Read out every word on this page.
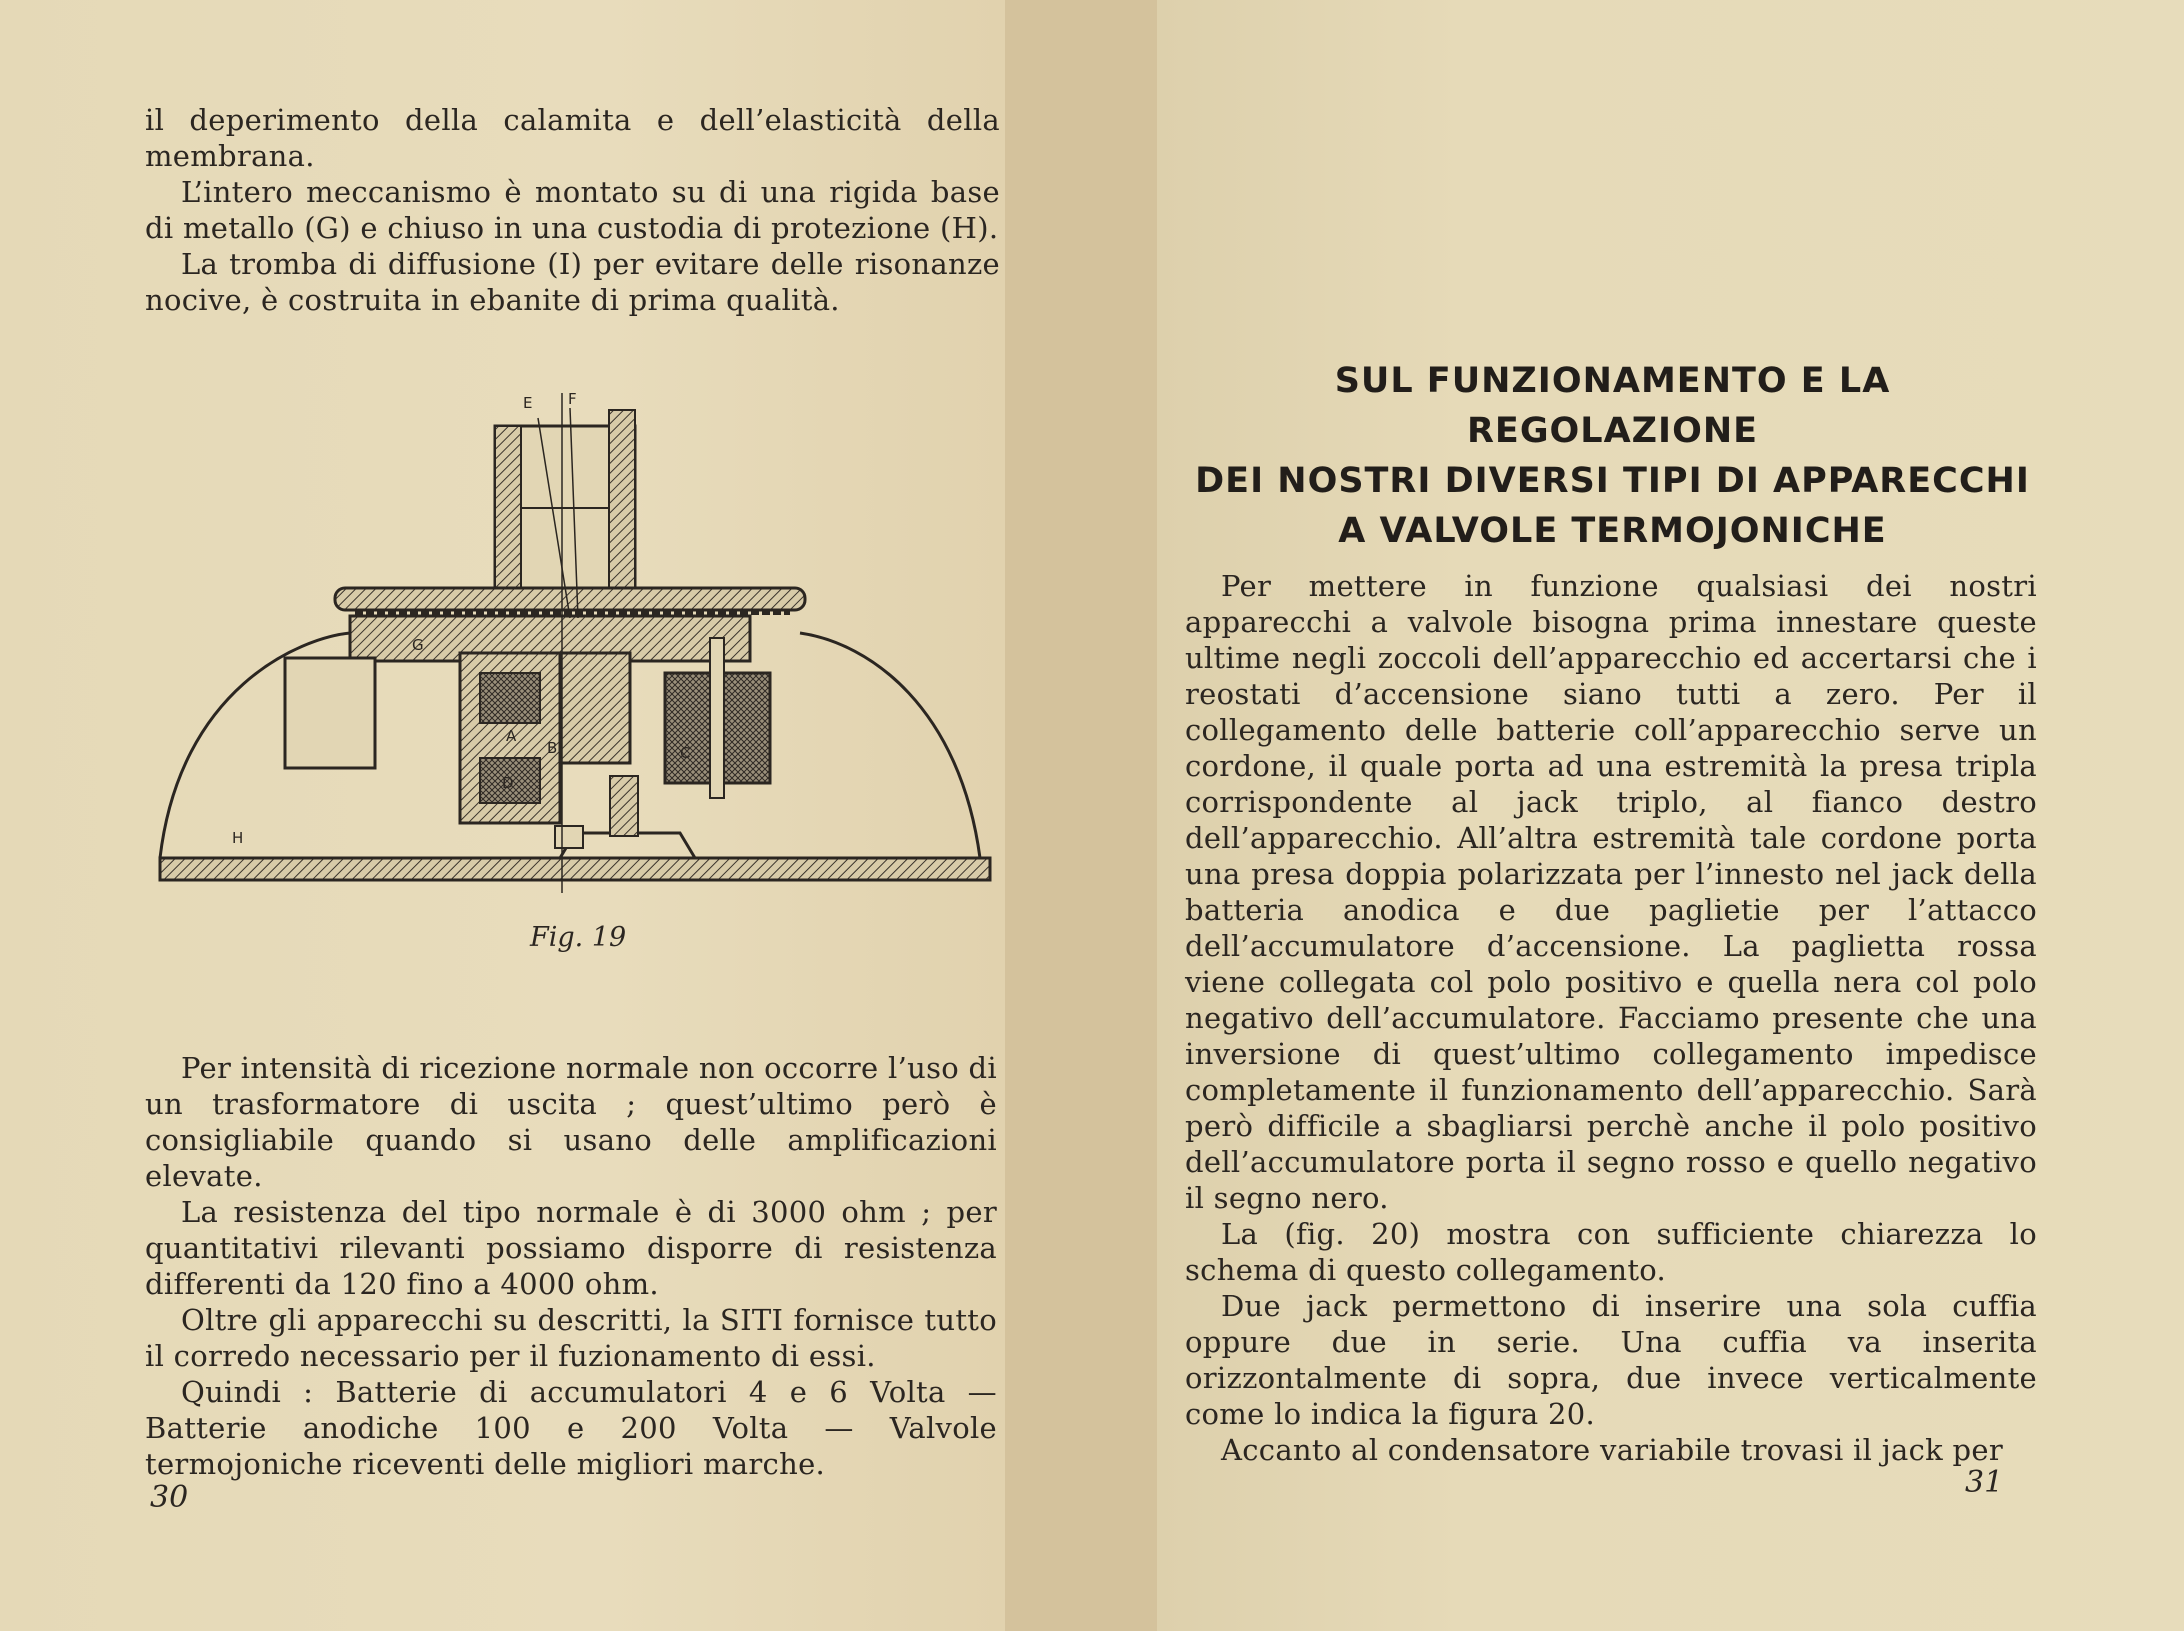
il deperimento della calamita e dell’elasticità della membrana.

L’intero meccanismo è montato su di una rigida base di metallo (G) e chiuso in una custodia di protezione (H).

La tromba di diffusione (I) per evitare delle risonanze nocive, è costruita in ebanite di prima qualità.

E F
G
A
D
B	C
H
Fig. 19

Per intensità di ricezione normale non occorre l’uso di un trasformatore di uscita ; quest’ultimo però è consigliabile quando si usano delle amplificazioni elevate.

La resistenza del tipo normale è di 3000 ohm ; per quantitativi rilevanti possiamo disporre di resistenza differenti da 120 fino a 4000 ohm.

Oltre gli apparecchi su descritti, la SITI fornisce tutto il corredo necessario per il fuzionamento di essi.

Quindi : Batterie di accumulatori 4 e 6 Volta — Batterie anodiche 100 e 200 Volta — Valvole termojoniche riceventi delle migliori marche.

30
SUL FUNZIONAMENTO E LA REGOLAZIONE
DEI NOSTRI DIVERSI TIPI DI APPARECCHI
A VALVOLE TERMOJONICHE

Per mettere in funzione qualsiasi dei nostri apparecchi a valvole bisogna prima innestare queste ultime negli zoccoli dell’apparecchio ed accertarsi che i reostati d’accensione siano tutti a zero. Per il collegamento delle batterie coll’apparecchio serve un cordone, il quale porta ad una estremità la presa tripla corrispondente al jack triplo, al fianco destro dell’apparecchio. All’altra estremità tale cordone porta una presa doppia polarizzata per l’innesto nel jack della batteria anodica e due paglietie per l’attacco dell’accumulatore d’accensione. La paglietta rossa viene collegata col polo positivo e quella nera col polo negativo dell’accumulatore. Facciamo presente che una inversione di quest’ultimo collegamento impedisce completamente il funzionamento dell’apparecchio. Sarà però difficile a sbagliarsi perchè anche il polo positivo dell’accumulatore porta il segno rosso e quello negativo il segno nero.

La (fig. 20) mostra con sufficiente chiarezza lo schema di questo collegamento.

Due jack permettono di inserire una sola cuffia oppure due in serie. Una cuffia va inserita orizzontalmente di sopra, due invece verticalmente come lo indica la figura 20.

Accanto al condensatore variabile trovasi il jack per

31
